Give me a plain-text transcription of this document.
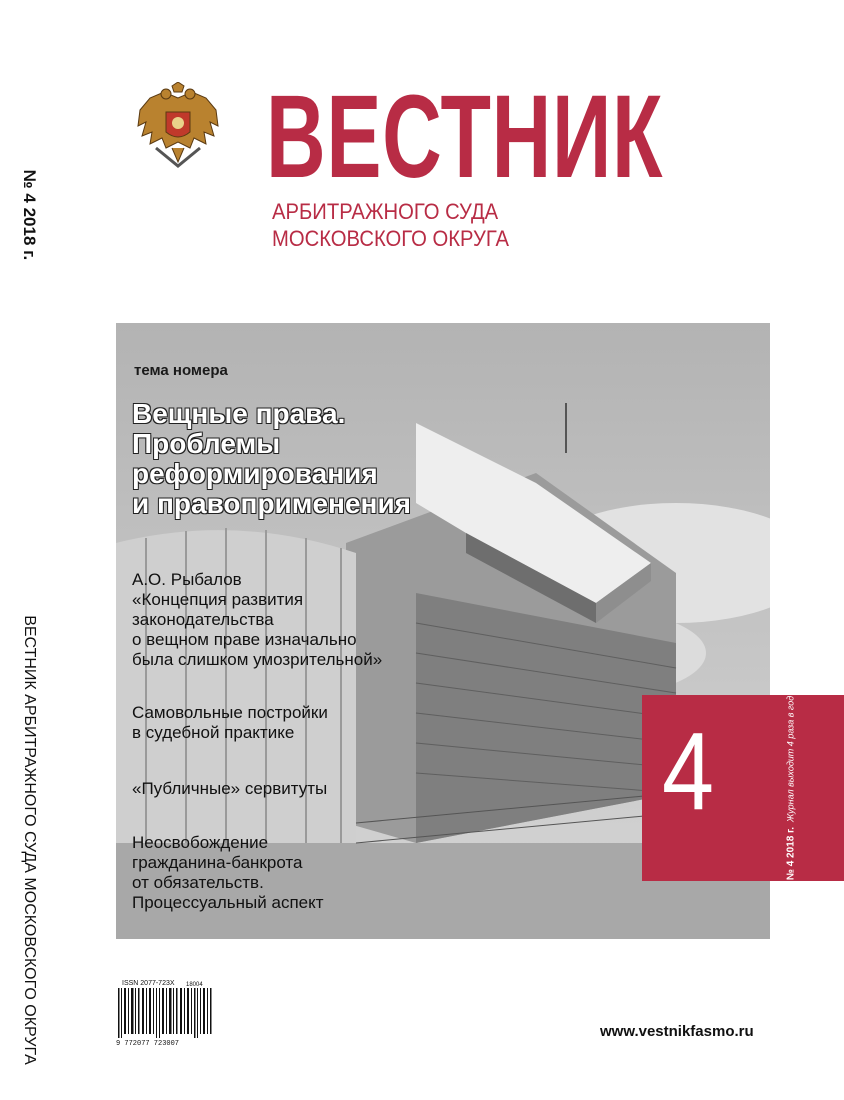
№ 4 2018 г.
ВЕСТНИК АРБИТРАЖНОГО СУДА МОСКОВСКОГО ОКРУГА
ВЕСТНИК
АРБИТРАЖНОГО СУДА
МОСКОВСКОГО ОКРУГА
тема номера
Вещные права.
Проблемы
реформирования
и правоприменения
А.О. Рыбалов
«Концепция развития
законодательства
о вещном праве изначально
была слишком умозрительной»
Самовольные постройки
в судебной практике
«Публичные» сервитуты
Неосвобождение
гражданина-банкрота
от обязательств.
Процессуальный аспект
4
№ 4 2018 г.  Журнал выходит 4 раза в год
9 772077 723007
18004
ISSN 2077-723X
www.vestnikfasmo.ru
